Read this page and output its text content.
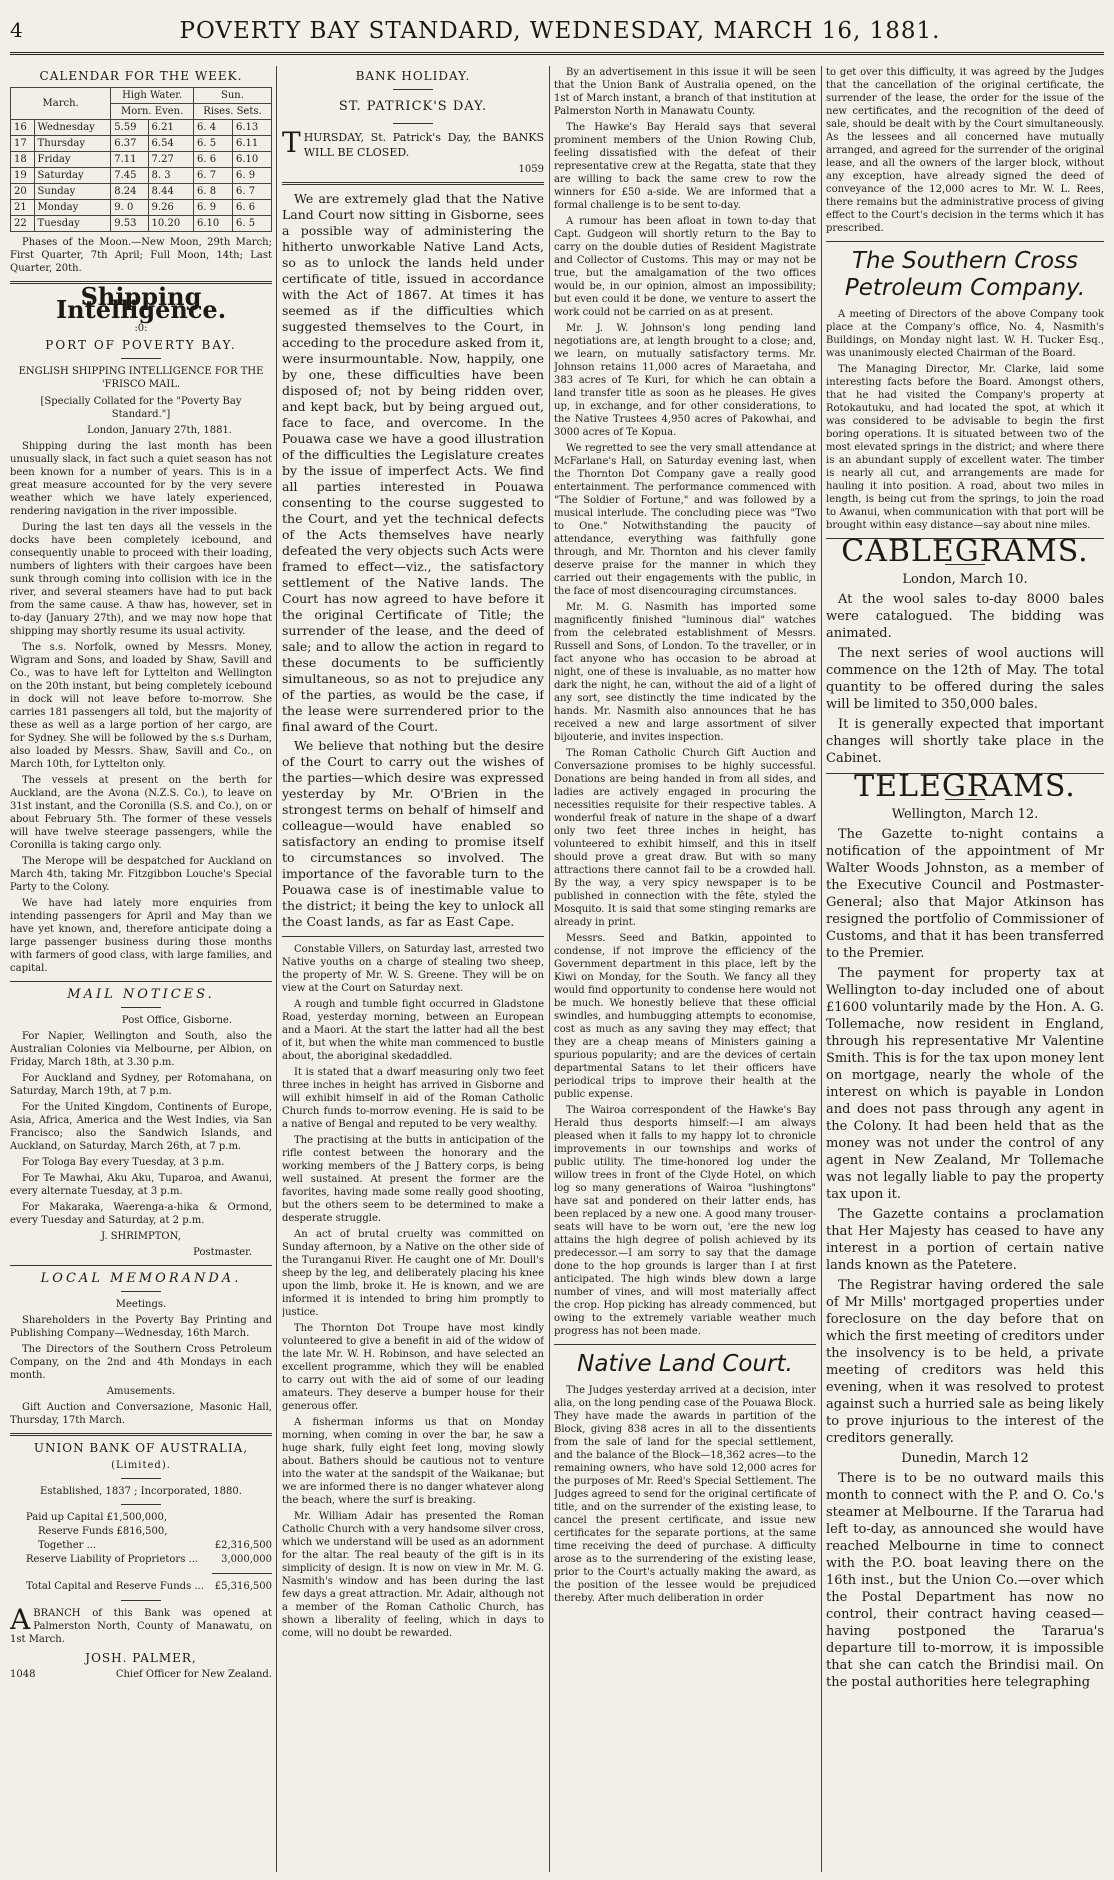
4	POVERTY BAY STANDARD, WEDNESDAY, MARCH 16, 1881.
CALENDAR FOR THE WEEK.
March.		High Water.		Sun.	
		Morn. Even.		Rises. Sets.	
16	Wednesday	5.59	6.21	6. 4	6.13
17	Thursday	6.37	6.54	6. 5	6.11
18	Friday	7.11	7.27	6. 6	6.10
19	Saturday	7.45	8. 3	6. 7	6. 9
20	Sunday	8.24	8.44	6. 8	6. 7
21	Monday	9. 0	9.26	6. 9	6. 6
22	Tuesday	9.53	10.20	6.10	6. 5

Phases of the Moon.—New Moon, 29th March; First Quarter, 7th April; Full Moon, 14th; Last Quarter, 20th.

Shipping Intelligence.
:0:
PORT OF POVERTY BAY.
ENGLISH SHIPPING INTELLIGENCE FOR THE 'FRISCO MAIL.

[Specially Collated for the "Poverty Bay Standard."]

London, January 27th, 1881.

Shipping during the last month has been unusually slack, in fact such a quiet season has not been known for a number of years. This is in a great measure accounted for by the very severe weather which we have lately experienced, rendering navigation in the river impossible.

During the last ten days all the vessels in the docks have been completely icebound, and consequently unable to proceed with their loading, numbers of lighters with their cargoes have been sunk through coming into collision with ice in the river, and several steamers have had to put back from the same cause. A thaw has, however, set in to-day (January 27th), and we may now hope that shipping may shortly resume its usual activity.

The s.s. Norfolk, owned by Messrs. Money, Wigram and Sons, and loaded by Shaw, Savill and Co., was to have left for Lyttelton and Wellington on the 20th instant, but being completely icebound in dock will not leave before to-morrow. She carries 181 passengers all told, but the majority of these as well as a large portion of her cargo, are for Sydney. She will be followed by the s.s Durham, also loaded by Messrs. Shaw, Savill and Co., on March 10th, for Lyttelton only.

The vessels at present on the berth for Auckland, are the Avona (N.Z.S. Co.), to leave on 31st instant, and the Coronilla (S.S. and Co.), on or about February 5th. The former of these vessels will have twelve steerage passengers, while the Coronilla is taking cargo only.

The Merope will be despatched for Auckland on March 4th, taking Mr. Fitzgibbon Louche's Special Party to the Colony.

We have had lately more enquiries from intending passengers for April and May than we have yet known, and, therefore anticipate doing a large passenger business during those months with farmers of good class, with large families, and capital.

MAIL NOTICES.

Post Office, Gisborne.

For Napier, Wellington and South, also the Australian Colonies via Melbourne, per Albion, on Friday, March 18th, at 3.30 p.m.

For Auckland and Sydney, per Rotomahana, on Saturday, March 19th, at 7 p.m.

For the United Kingdom, Continents of Europe, Asia, Africa, America and the West Indies, via San Francisco; also the Sandwich Islands, and Auckland, on Saturday, March 26th, at 7 p.m.

For Tologa Bay every Tuesday, at 3 p.m.

For Te Mawhai, Aku Aku, Tuparoa, and Awanui, every alternate Tuesday, at 3 p.m.

For Makaraka, Waerenga-a-hika & Ormond, every Tuesday and Saturday, at 2 p.m.

J. SHRIMPTON,

Postmaster.

LOCAL MEMORANDA.

Meetings.

Shareholders in the Poverty Bay Printing and Publishing Company—Wednesday, 16th March.

The Directors of the Southern Cross Petroleum Company, on the 2nd and 4th Mondays in each month.

Amusements.

Gift Auction and Conversazione, Masonic Hall, Thursday, 17th March.

UNION BANK OF AUSTRALIA,
(Limited).

Established, 1837 ; Incorporated, 1880.

Paid up Capital £1,500,000,
Reserve Funds £816,500,
Together ...	£2,316,500
Reserve Liability of Proprietors ... 3,000,000
Total Capital and Reserve Funds ... £5,316,500

ABRANCH of this Bank was opened at Palmerston North, County of Manawatu, on 1st March.

JOSH. PALMER,

1048	Chief Officer for New Zealand.
BANK HOLIDAY.
ST. PATRICK'S DAY.

THURSDAY, St. Patrick's Day, the BANKS WILL BE CLOSED.

1059

We are extremely glad that the Native Land Court now sitting in Gisborne, sees a possible way of administering the hitherto unworkable Native Land Acts, so as to unlock the lands held under certificate of title, issued in accordance with the Act of 1867. At times it has seemed as if the difficulties which suggested themselves to the Court, in acceding to the procedure asked from it, were insurmountable. Now, happily, one by one, these difficulties have been disposed of; not by being ridden over, and kept back, but by being argued out, face to face, and overcome. In the Pouawa case we have a good illustration of the difficulties the Legislature creates by the issue of imperfect Acts. We find all parties interested in Pouawa consenting to the course suggested to the Court, and yet the technical defects of the Acts themselves have nearly defeated the very objects such Acts were framed to effect—viz., the satisfactory settlement of the Native lands. The Court has now agreed to have before it the original Certificate of Title; the surrender of the lease, and the deed of sale; and to allow the action in regard to these documents to be sufficiently simultaneous, so as not to prejudice any of the parties, as would be the case, if the lease were surrendered prior to the final award of the Court.

We believe that nothing but the desire of the Court to carry out the wishes of the parties—which desire was expressed yesterday by Mr. O'Brien in the strongest terms on behalf of himself and colleague—would have enabled so satisfactory an ending to promise itself to circumstances so involved. The importance of the favorable turn to the Pouawa case is of inestimable value to the district; it being the key to unlock all the Coast lands, as far as East Cape.

Constable Villers, on Saturday last, arrested two Native youths on a charge of stealing two sheep, the property of Mr. W. S. Greene. They will be on view at the Court on Saturday next.

A rough and tumble fight occurred in Gladstone Road, yesterday morning, between an European and a Maori. At the start the latter had all the best of it, but when the white man commenced to bustle about, the aboriginal skedaddled.

It is stated that a dwarf measuring only two feet three inches in height has arrived in Gisborne and will exhibit himself in aid of the Roman Catholic Church funds to-morrow evening. He is said to be a native of Bengal and reputed to be very wealthy.

The practising at the butts in anticipation of the rifle contest between the honorary and the working members of the J Battery corps, is being well sustained. At present the former are the favorites, having made some really good shooting, but the others seem to be determined to make a desperate struggle.

An act of brutal cruelty was committed on Sunday afternoon, by a Native on the other side of the Turanganui River. He caught one of Mr. Doull's sheep by the leg, and deliberately placing his knee upon the limb, broke it. He is known, and we are informed it is intended to bring him promptly to justice.

The Thornton Dot Troupe have most kindly volunteered to give a benefit in aid of the widow of the late Mr. W. H. Robinson, and have selected an excellent programme, which they will be enabled to carry out with the aid of some of our leading amateurs. They deserve a bumper house for their generous offer.

A fisherman informs us that on Monday morning, when coming in over the bar, he saw a huge shark, fully eight feet long, moving slowly about. Bathers should be cautious not to venture into the water at the sandspit of the Waikanae; but we are informed there is no danger whatever along the beach, where the surf is breaking.

Mr. William Adair has presented the Roman Catholic Church with a very handsome silver cross, which we understand will be used as an adornment for the altar. The real beauty of the gift is in its simplicity of design. It is now on view in Mr. M. G. Nasmith's window and has been during the last few days a great attraction. Mr. Adair, although not a member of the Roman Catholic Church, has shown a liberality of feeling, which in days to come, will no doubt be rewarded.

By an advertisement in this issue it will be seen that the Union Bank of Australia opened, on the 1st of March instant, a branch of that institution at Palmerston North in Manawatu County.

The Hawke's Bay Herald says that several prominent members of the Union Rowing Club, feeling dissatisfied with the defeat of their representative crew at the Regatta, state that they are willing to back the same crew to row the winners for £50 a-side. We are informed that a formal challenge is to be sent to-day.

A rumour has been afloat in town to-day that Capt. Gudgeon will shortly return to the Bay to carry on the double duties of Resident Magistrate and Collector of Customs. This may or may not be true, but the amalgamation of the two offices would be, in our opinion, almost an impossibility; but even could it be done, we venture to assert the work could not be carried on as at present.

Mr. J. W. Johnson's long pending land negotiations are, at length brought to a close; and, we learn, on mutually satisfactory terms. Mr. Johnson retains 11,000 acres of Maraetaha, and 383 acres of Te Kuri, for which he can obtain a land transfer title as soon as he pleases. He gives up, in exchange, and for other considerations, to the Native Trustees 4,950 acres of Pakowhai, and 3000 acres of Te Kopua.

We regretted to see the very small attendance at McFarlane's Hall, on Saturday evening last, when the Thornton Dot Company gave a really good entertainment. The performance commenced with "The Soldier of Fortune," and was followed by a musical interlude. The concluding piece was "Two to One." Notwithstanding the paucity of attendance, everything was faithfully gone through, and Mr. Thornton and his clever family deserve praise for the manner in which they carried out their engagements with the public, in the face of most disencouraging circumstances.

Mr. M. G. Nasmith has imported some magnificently finished "luminous dial" watches from the celebrated establishment of Messrs. Russell and Sons, of London. To the traveller, or in fact anyone who has occasion to be abroad at night, one of these is invaluable, as no matter how dark the night, he can, without the aid of a light of any sort, see distinctly the time indicated by the hands. Mr. Nasmith also announces that he has received a new and large assortment of silver bijouterie, and invites inspection.

The Roman Catholic Church Gift Auction and Conversazione promises to be highly successful. Donations are being handed in from all sides, and ladies are actively engaged in procuring the necessities requisite for their respective tables. A wonderful freak of nature in the shape of a dwarf only two feet three inches in height, has volunteered to exhibit himself, and this in itself should prove a great draw. But with so many attractions there cannot fail to be a crowded hall. By the way, a very spicy newspaper is to be published in connection with the fête, styled the Mosquito. It is said that some stinging remarks are already in print.

Messrs. Seed and Batkin, appointed to condense, if not improve the efficiency of the Government department in this place, left by the Kiwi on Monday, for the South. We fancy all they would find opportunity to condense here would not be much. We honestly believe that these official swindles, and humbugging attempts to economise, cost as much as any saving they may effect; that they are a cheap means of Ministers gaining a spurious popularity; and are the devices of certain departmental Satans to let their officers have periodical trips to improve their health at the public expense.

The Wairoa correspondent of the Hawke's Bay Herald thus desports himself:—I am always pleased when it falls to my happy lot to chronicle improvements in our townships and works of public utility. The time-honored log under the willow trees in front of the Clyde Hotel, on which log so many generations of Wairoa "lushingtons" have sat and pondered on their latter ends, has been replaced by a new one. A good many trouser-seats will have to be worn out, 'ere the new log attains the high degree of polish achieved by its predecessor.—I am sorry to say that the damage done to the hop grounds is larger than I at first anticipated. The high winds blew down a large number of vines, and will most materially affect the crop. Hop picking has already commenced, but owing to the extremely variable weather much progress has not been made.

Native Land Court.

The Judges yesterday arrived at a decision, inter alia, on the long pending case of the Pouawa Block. They have made the awards in partition of the Block, giving 838 acres in all to the dissentients from the sale of land for the special settlement, and the balance of the Block—18,362 acres—to the remaining owners, who have sold 12,000 acres for the purposes of Mr. Reed's Special Settlement. The Judges agreed to send for the original certificate of title, and on the surrender of the existing lease, to cancel the present certificate, and issue new certificates for the separate portions, at the same time receiving the deed of purchase. A difficulty arose as to the surrendering of the existing lease, prior to the Court's actually making the award, as the position of the lessee would be prejudiced thereby. After much deliberation in order

to get over this difficulty, it was agreed by the Judges that the cancellation of the original certificate, the surrender of the lease, the order for the issue of the new certificates, and the recognition of the deed of sale, should be dealt with by the Court simultaneously. As the lessees and all concerned have mutually arranged, and agreed for the surrender of the original lease, and all the owners of the larger block, without any exception, have already signed the deed of conveyance of the 12,000 acres to Mr. W. L. Rees, there remains but the administrative process of giving effect to the Court's decision in the terms which it has prescribed.

The Southern Cross Petroleum Company.

A meeting of Directors of the above Company took place at the Company's office, No. 4, Nasmith's Buildings, on Monday night last. W. H. Tucker Esq., was unanimously elected Chairman of the Board.

The Managing Director, Mr. Clarke, laid some interesting facts before the Board. Amongst others, that he had visited the Company's property at Rotokautuku, and had located the spot, at which it was considered to be advisable to begin the first boring operations. It is situated between two of the most elevated springs in the district; and where there is an abundant supply of excellent water. The timber is nearly all cut, and arrangements are made for hauling it into position. A road, about two miles in length, is being cut from the springs, to join the road to Awanui, when communication with that port will be brought within easy distance—say about nine miles.

CABLEGRAMS.

London, March 10.

At the wool sales to-day 8000 bales were catalogued. The bidding was animated.

The next series of wool auctions will commence on the 12th of May. The total quantity to be offered during the sales will be limited to 350,000 bales.

It is generally expected that important changes will shortly take place in the Cabinet.

TELEGRAMS.

Wellington, March 12.

The Gazette to-night contains a notification of the appointment of Mr Walter Woods Johnston, as a member of the Executive Council and Postmaster-General; also that Major Atkinson has resigned the portfolio of Commissioner of Customs, and that it has been transferred to the Premier.

The payment for property tax at Wellington to-day included one of about £1600 voluntarily made by the Hon. A. G. Tollemache, now resident in England, through his representative Mr Valentine Smith. This is for the tax upon money lent on mortgage, nearly the whole of the interest on which is payable in London and does not pass through any agent in the Colony. It had been held that as the money was not under the control of any agent in New Zealand, Mr Tollemache was not legally liable to pay the property tax upon it.

The Gazette contains a proclamation that Her Majesty has ceased to have any interest in a portion of certain native lands known as the Patetere.

The Registrar having ordered the sale of Mr Mills' mortgaged properties under foreclosure on the day before that on which the first meeting of creditors under the insolvency is to be held, a private meeting of creditors was held this evening, when it was resolved to protest against such a hurried sale as being likely to prove injurious to the interest of the creditors generally.

Dunedin, March 12

There is to be no outward mails this month to connect with the P. and O. Co.'s steamer at Melbourne. If the Tararua had left to-day, as announced she would have reached Melbourne in time to connect with the P.O. boat leaving there on the 16th inst., but the Union Co.—over which the Postal Department has now no control, their contract having ceased—having postponed the Tararua's departure till to-morrow, it is impossible that she can catch the Brindisi mail. On the postal authorities here telegraphing
